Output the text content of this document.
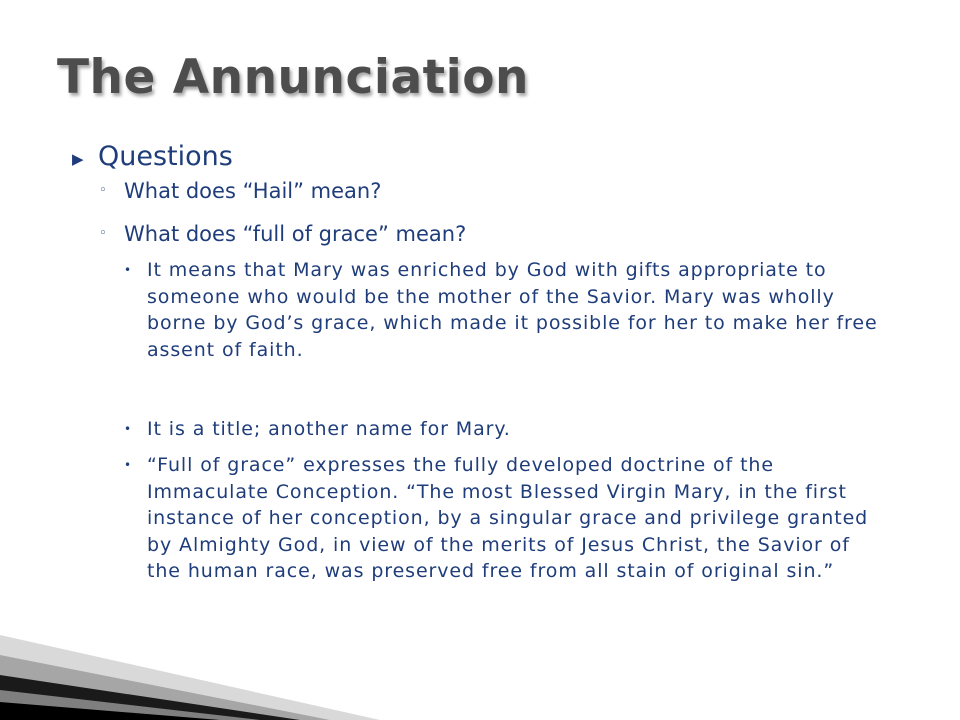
The Annunciation
▶ Questions
◦ What does “Hail” mean?
◦ What does “full of grace” mean?
• It means that Mary was enriched by God with gifts appropriate to someone who would be the mother of the Savior. Mary was wholly borne by God’s grace, which made it possible for her to make her free assent of faith.
• It is a title; another name for Mary.
• “Full of grace” expresses the fully developed doctrine of the Immaculate Conception. “The most Blessed Virgin Mary, in the first instance of her conception, by a singular grace and privilege granted by Almighty God, in view of the merits of Jesus Christ, the Savior of the human race, was preserved free from all stain of original sin.”
